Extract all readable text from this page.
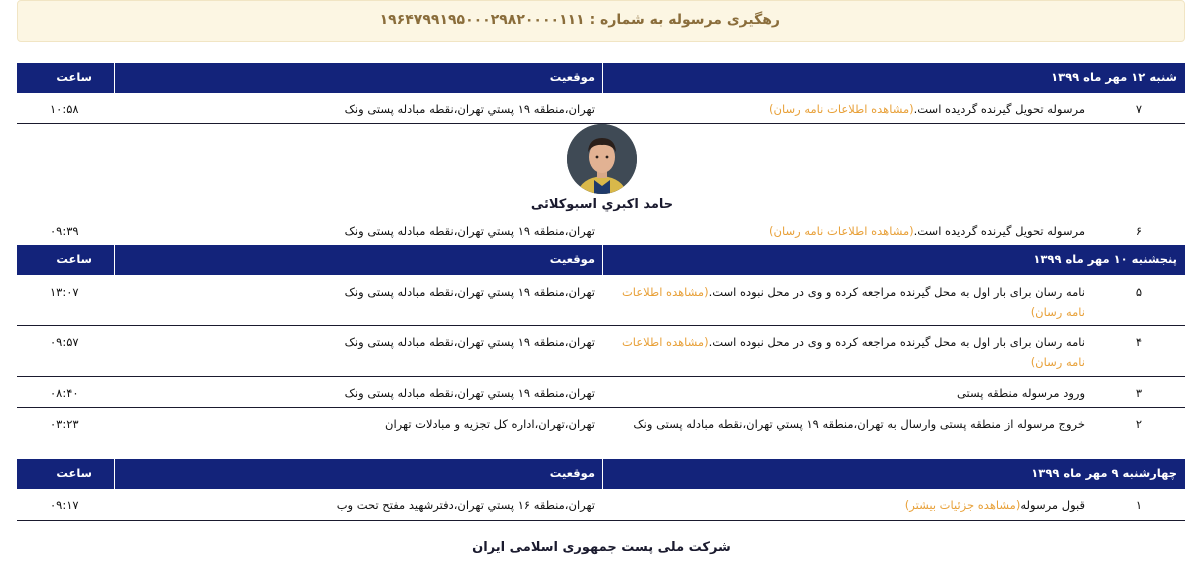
رهگیری مرسوله به شماره : ۱۹۶۴۷۹۹۱۹۵۰۰۰۲۹۸۲۰۰۰۰۱۱۱
شنبه ۱۲ مهر ماه ۱۳۹۹
موقعیت
ساعت
۷
مرسوله تحویل گیرنده گردیده است.(مشاهده اطلاعات نامه رسان)
تهران،منطقه ۱۹ پستي تهران،نقطه مبادله پستی ونک
۱۰:۵۸
حامد اکبري اسبوکلائی
۶
مرسوله تحویل گیرنده گردیده است.(مشاهده اطلاعات نامه رسان)
تهران،منطقه ۱۹ پستي تهران،نقطه مبادله پستی ونک
۰۹:۳۹
پنجشنبه ۱۰ مهر ماه ۱۳۹۹
موقعیت
ساعت
۵
نامه رسان برای بار اول به محل گیرنده مراجعه کرده و وی در محل نبوده است.(مشاهده اطلاعات نامه رسان)
تهران،منطقه ۱۹ پستي تهران،نقطه مبادله پستی ونک
۱۳:۰۷
۴
نامه رسان برای بار اول به محل گیرنده مراجعه کرده و وی در محل نبوده است.(مشاهده اطلاعات نامه رسان)
تهران،منطقه ۱۹ پستي تهران،نقطه مبادله پستی ونک
۰۹:۵۷
۳
ورود مرسوله منطقه پستی
تهران،منطقه ۱۹ پستي تهران،نقطه مبادله پستی ونک
۰۸:۴۰
۲
خروج مرسوله از منطقه پستی وارسال به تهران،منطقه ۱۹ پستي تهران،نقطه مبادله پستی ونک
تهران،تهران،اداره کل تجزیه و مبادلات تهران
۰۳:۲۳
چهارشنبه ۹ مهر ماه ۱۳۹۹
موقعیت
ساعت
۱
قبول مرسوله(مشاهده جزئیات بیشتر)
تهران،منطقه ۱۶ پستي تهران،دفترشهید مفتح تحت وب
۰۹:۱۷
شرکت ملی پست جمهوری اسلامی ایران
